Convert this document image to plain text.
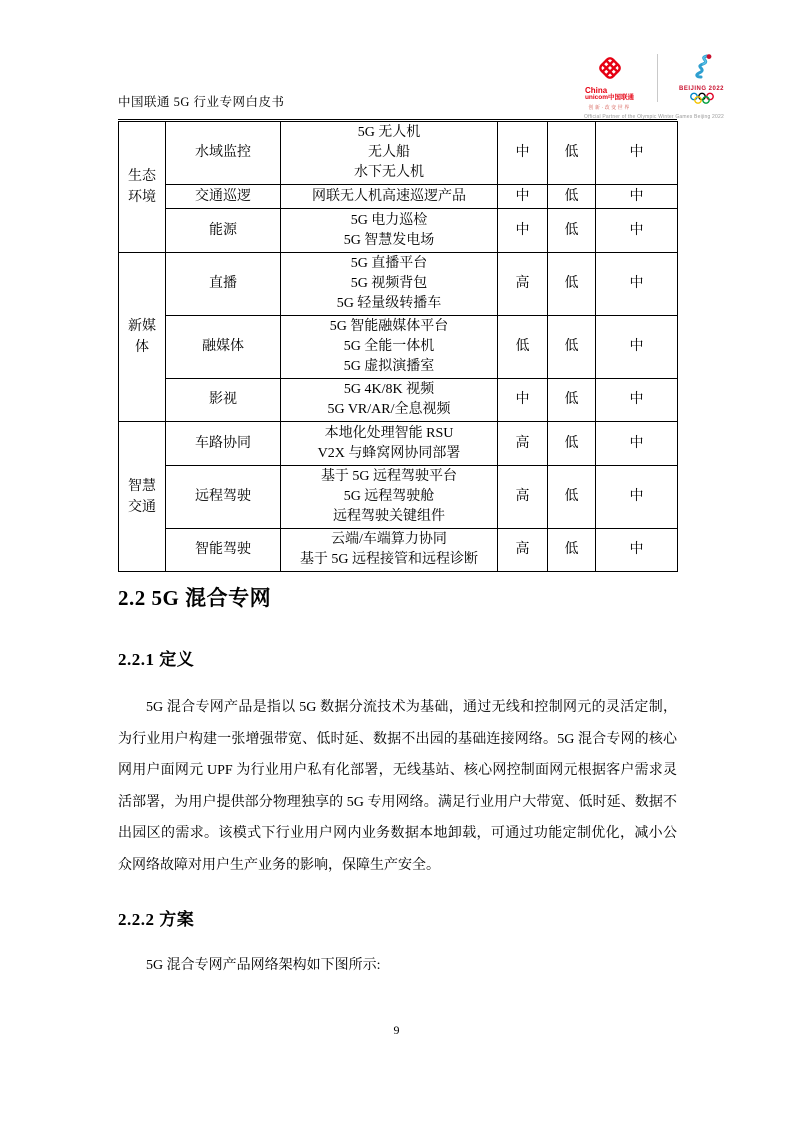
China
unicom中国联通
创新·改变世界
BEIJING 2022
Official Partner of the Olympic Winter Games Beijing 2022
中国联通 5G 行业专网白皮书
生态环境	水域监控	5G 无人机
无人船
水下无人机	中	低	中
	交通巡逻	网联无人机高速巡逻产品	中	低	中
	能源	5G 电力巡检
5G 智慧发电场	中	低	中
新媒体	直播	5G 直播平台
5G 视频背包
5G 轻量级转播车	高	低	中
	融媒体	5G 智能融媒体平台
5G 全能一体机
5G 虚拟演播室	低	低	中
	影视	5G 4K/8K 视频
5G VR/AR/全息视频	中	低	中
智慧交通	车路协同	本地化处理智能 RSU
V2X 与蜂窝网协同部署	高	低	中
	远程驾驶	基于 5G 远程驾驶平台
5G 远程驾驶舱
远程驾驶关键组件	高	低	中
	智能驾驶	云端/车端算力协同
基于 5G 远程接管和远程诊断	高	低	中
2.2 5G 混合专网
2.2.1 定义

5G 混合专网产品是指以 5G 数据分流技术为基础，通过无线和控制网元的灵活定制，为行业用户构建一张增强带宽、低时延、数据不出园的基础连接网络。5G 混合专网的核心网用户面网元 UPF 为行业用户私有化部署，无线基站、核心网控制面网元根据客户需求灵活部署，为用户提供部分物理独享的 5G 专用网络。满足行业用户大带宽、低时延、数据不出园区的需求。该模式下行业用户网内业务数据本地卸载，可通过功能定制优化，减小公众网络故障对用户生产业务的影响，保障生产安全。

2.2.2 方案

5G 混合专网产品网络架构如下图所示:

9
